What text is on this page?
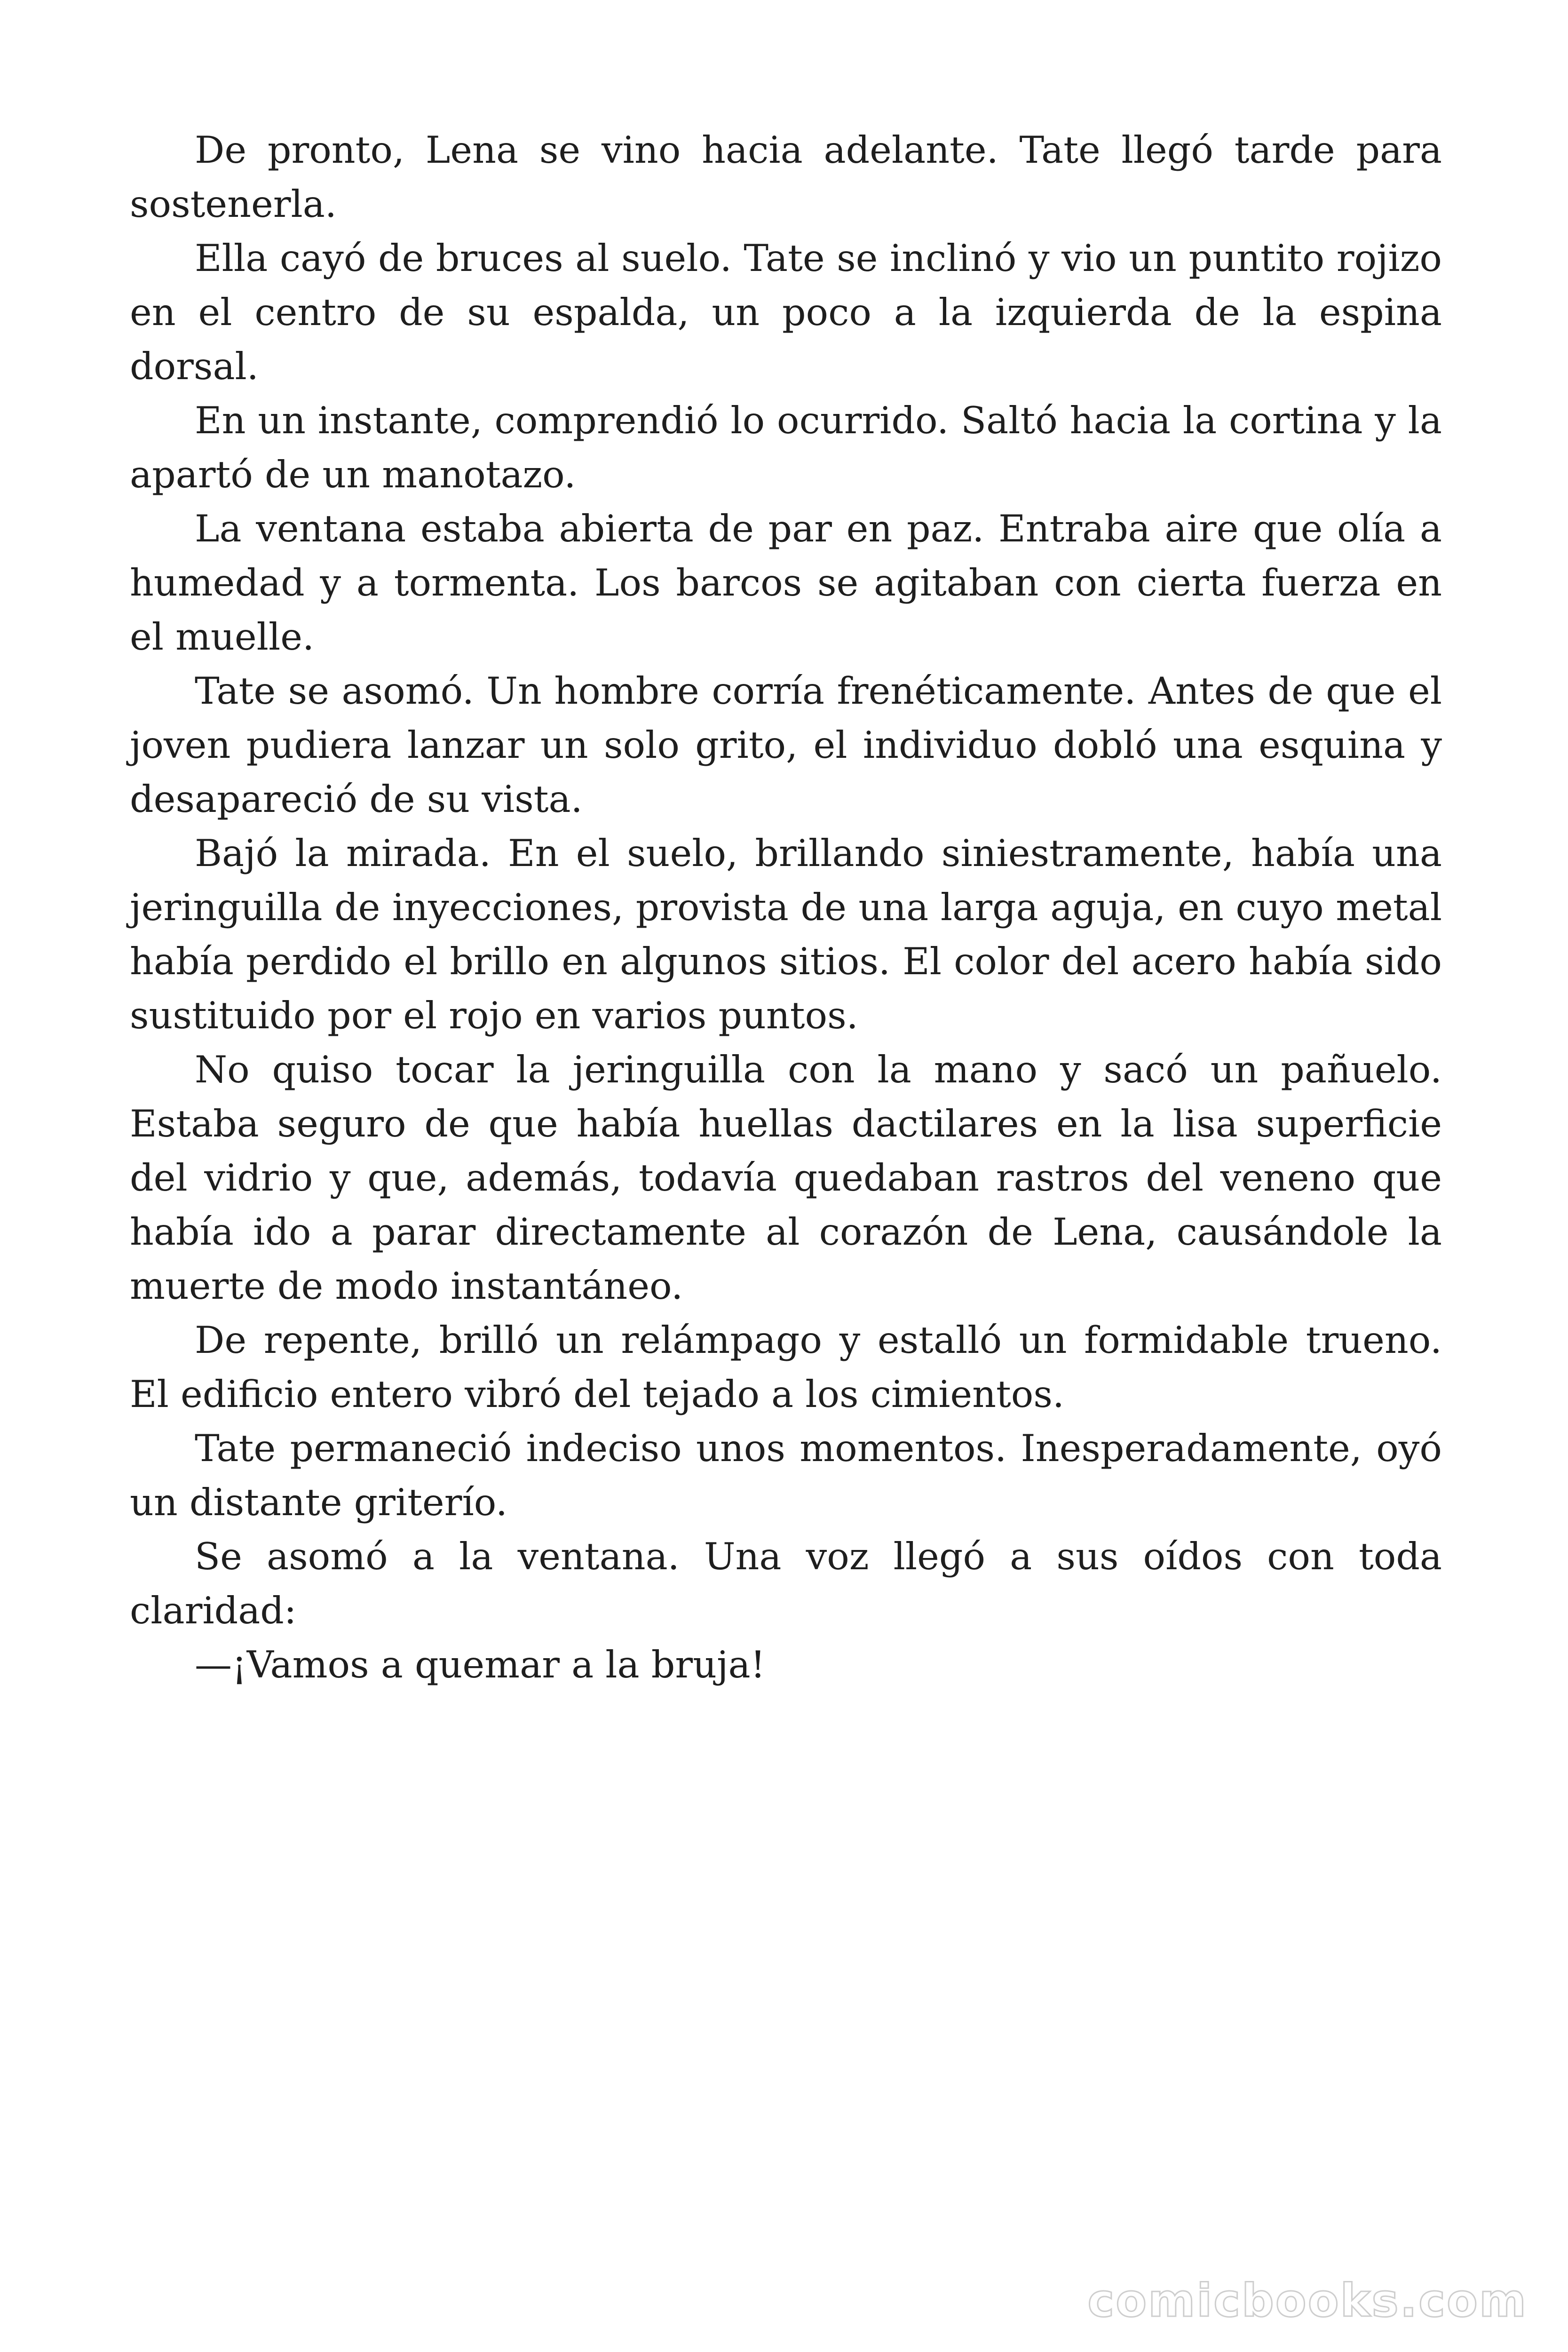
De pronto, Lena se vino hacia adelante. Tate llegó tarde para sostenerla.

Ella cayó de bruces al suelo. Tate se inclinó y vio un puntito rojizo en el centro de su espalda, un poco a la izquierda de la espina dorsal.

En un instante, comprendió lo ocurrido. Saltó hacia la cortina y la apartó de un manotazo.

La ventana estaba abierta de par en paz. Entraba aire que olía a humedad y a tormenta. Los barcos se agitaban con cierta fuerza en el muelle.

Tate se asomó. Un hombre corría frenéticamente. Antes de que el joven pudiera lanzar un solo grito, el individuo dobló una esquina y desapareció de su vista.

Bajó la mirada. En el suelo, brillando siniestramente, había una jeringuilla de inyecciones, provista de una larga aguja, en cuyo metal había perdido el brillo en algunos sitios. El color del acero había sido sustituido por el rojo en varios puntos.

No quiso tocar la jeringuilla con la mano y sacó un pañuelo. Estaba seguro de que había huellas dactilares en la lisa superficie del vidrio y que, además, todavía quedaban rastros del veneno que había ido a parar directamente al corazón de Lena, causándole la muerte de modo instantáneo.

De repente, brilló un relámpago y estalló un formidable trueno. El edificio entero vibró del tejado a los cimientos.

Tate permaneció indeciso unos momentos. Inesperadamente, oyó un distante griterío.

Se asomó a la ventana. Una voz llegó a sus oídos con toda claridad:

—¡Vamos a quemar a la bruja!

comicbooks.com
